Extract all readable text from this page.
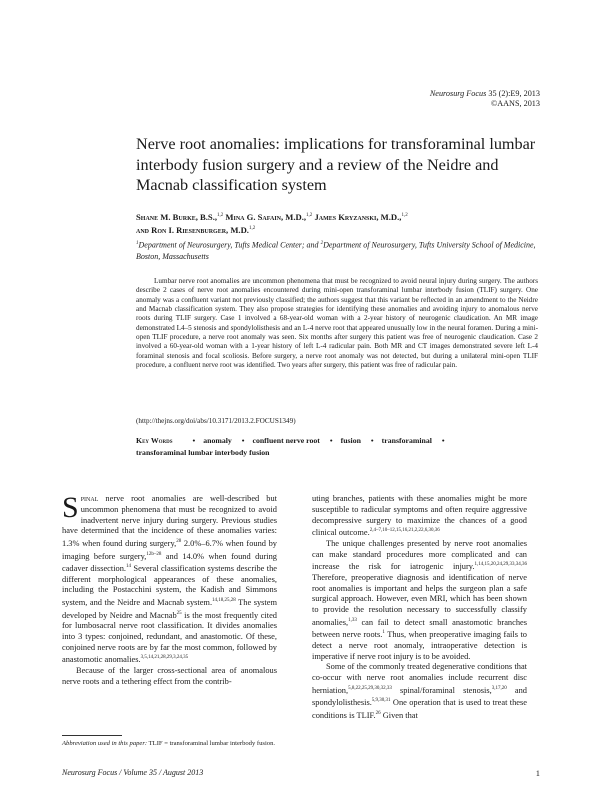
Neurosurg Focus 35 (2):E9, 2013
©AANS, 2013
Nerve root anomalies: implications for transforaminal lumbar interbody fusion surgery and a review of the Neidre and Macnab classification system
Shane M. Burke, B.S.,$^{1,2}$ Mina G. Safain, M.D.,$^{1,2}$ James Kryzanski, M.D.,$^{1,2}$
and Ron I. Riesenburger, M.D.$^{1,2}$
$^1$Department of Neurosurgery, Tufts Medical Center; and $^2$Department of Neurosurgery, Tufts University School of Medicine, Boston, Massachusetts
Lumbar nerve root anomalies are uncommon phenomena that must be recognized to avoid neural injury during surgery. The authors describe 2 cases of nerve root anomalies encountered during mini-open transforaminal lumbar interbody fusion (TLIF) surgery. One anomaly was a confluent variant not previously classified; the authors suggest that this variant be reflected in an amendment to the Neidre and Macnab classification system. They also propose strategies for identifying these anomalies and avoiding injury to anomalous nerve roots during TLIF surgery. Case 1 involved a 68-year-old woman with a 2-year history of neurogenic claudication. An MR image demonstrated L4–5 stenosis and spondylolisthesis and an L-4 nerve root that appeared unusually low in the neural foramen. During a mini-open TLIF procedure, a nerve root anomaly was seen. Six months after surgery this patient was free of neurogenic claudication. Case 2 involved a 60-year-old woman with a 1-year history of left L-4 radicular pain. Both MR and CT images demonstrated severe left L-4 foraminal stenosis and focal scoliosis. Before surgery, a nerve root anomaly was not detected, but during a unilateral mini-open TLIF procedure, a confluent nerve root was identified. Two years after surgery, this patient was free of radicular pain.
(http://thejns.org/doi/abs/10.3171/2013.2.FOCUS1349)
Key Words	• anomaly • confluent nerve root • fusion • transforaminal •
transforaminal lumbar interbody fusion

Spinal nerve root anomalies are well-described but uncommon phenomena that must be recognized to avoid inadvertent nerve injury during surgery. Previous studies have determined that the incidence of these anomalies varies: 1.3% when found during surgery,$^{28}$ 2.0%–6.7% when found by imaging before surgery,$^{12b-28}$ and 14.0% when found during cadaver dissection.$^{14}$ Several classification systems describe the different morphological appearances of these anomalies, including the Postacchini system, the Kadish and Simmons system, and the Neidre and Macnab system.$^{14,18,25,28}$ The system developed by Neidre and Macnab$^{25}$ is the most frequently cited for lumbosacral nerve root classification. It divides anomalies into 3 types: conjoined, redundant, and anastomotic. Of these, conjoined nerve roots are by far the most common, followed by anastomotic anomalies.$^{3,5,14,21,28,29,3,24,35}$

Because of the larger cross-sectional area of anomalous nerve roots and a tethering effect from the contrib-

uting branches, patients with these anomalies might be more susceptible to radicular symptoms and often require aggressive decompressive surgery to maximize the chances of a good clinical outcome.$^{2,4-7,10-12,15,16,21,2,22,6,30,36}$

The unique challenges presented by nerve root anomalies can make standard procedures more complicated and can increase the risk for iatrogenic injury.$^{1,14,15,20,24,29,33,34,36}$ Therefore, preoperative diagnosis and identification of nerve root anomalies is important and helps the surgeon plan a safe surgical approach. However, even MRI, which has been shown to provide the resolution necessary to successfully classify anomalies,$^{1,33}$ can fail to detect small anastomotic branches between nerve roots.$^1$ Thus, when preoperative imaging fails to detect a nerve root anomaly, intraoperative detection is imperative if nerve root injury is to be avoided.

Some of the commonly treated degenerative conditions that co-occur with nerve root anomalies include recurrent disc herniation,$^{5,8,22,25,29,30,32,33}$ spinal/foraminal stenosis,$^{3,17,20}$ and spondylolisthesis.$^{5,9,30,31}$ One operation that is used to treat these conditions is TLIF.$^{26}$ Given that

Abbreviation used in this paper: TLIF = transforaminal lumbar interbody fusion.
Neurosurg Focus / Volume 35 / August 2013	1
